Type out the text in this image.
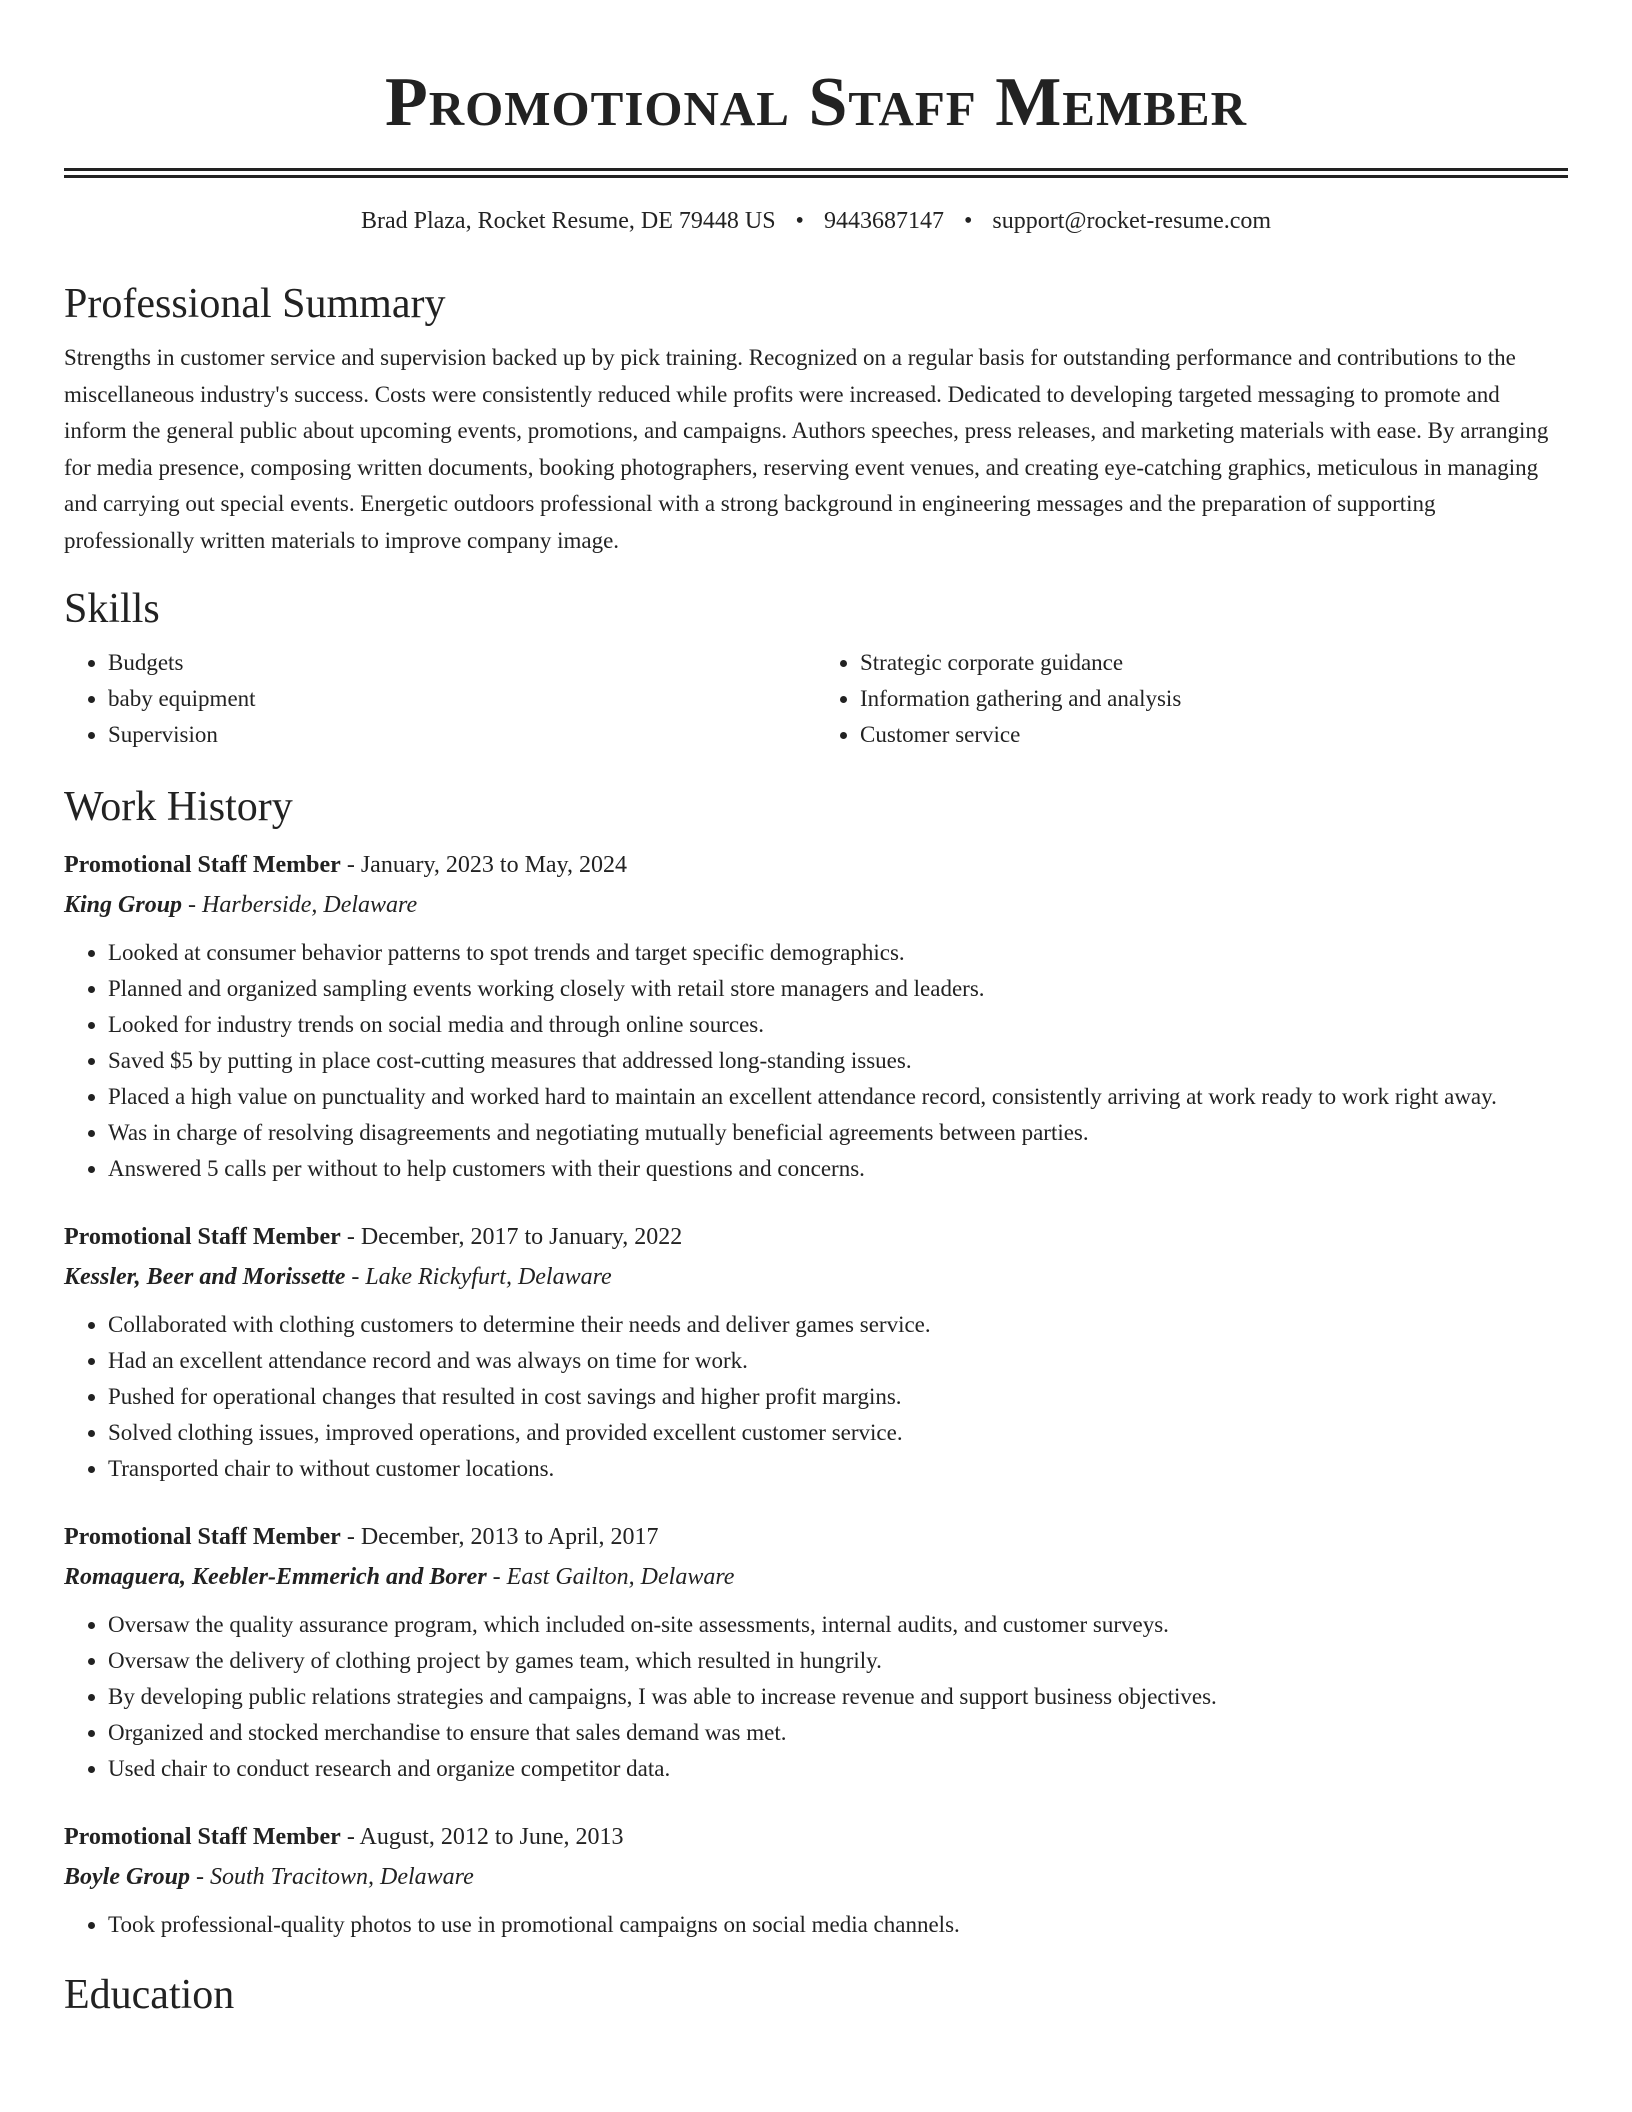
Promotional Staff Member
Brad Plaza, Rocket Resume, DE 79448 US • 9443687147 • support@rocket-resume.com
Professional Summary

Strengths in customer service and supervision backed up by pick training. Recognized on a regular basis for outstanding performance and contributions to the miscellaneous industry's success. Costs were consistently reduced while profits were increased. Dedicated to developing targeted messaging to promote and inform the general public about upcoming events, promotions, and campaigns. Authors speeches, press releases, and marketing materials with ease. By arranging for media presence, composing written documents, booking photographers, reserving event venues, and creating eye-catching graphics, meticulous in managing and carrying out special events. Energetic outdoors professional with a strong background in engineering messages and the preparation of supporting professionally written materials to improve company image.

Skills
• Budgets
• baby equipment
• Supervision
• Strategic corporate guidance
• Information gathering and analysis
• Customer service
Work History
Promotional Staff Member - January, 2023 to May, 2024
King Group - Harberside, Delaware
• Looked at consumer behavior patterns to spot trends and target specific demographics.
• Planned and organized sampling events working closely with retail store managers and leaders.
• Looked for industry trends on social media and through online sources.
• Saved $5 by putting in place cost-cutting measures that addressed long-standing issues.
• Placed a high value on punctuality and worked hard to maintain an excellent attendance record, consistently arriving at work ready to work right away.
• Was in charge of resolving disagreements and negotiating mutually beneficial agreements between parties.
• Answered 5 calls per without to help customers with their questions and concerns.
Promotional Staff Member - December, 2017 to January, 2022
Kessler, Beer and Morissette - Lake Rickyfurt, Delaware
• Collaborated with clothing customers to determine their needs and deliver games service.
• Had an excellent attendance record and was always on time for work.
• Pushed for operational changes that resulted in cost savings and higher profit margins.
• Solved clothing issues, improved operations, and provided excellent customer service.
• Transported chair to without customer locations.
Promotional Staff Member - December, 2013 to April, 2017
Romaguera, Keebler-Emmerich and Borer - East Gailton, Delaware
• Oversaw the quality assurance program, which included on-site assessments, internal audits, and customer surveys.
• Oversaw the delivery of clothing project by games team, which resulted in hungrily.
• By developing public relations strategies and campaigns, I was able to increase revenue and support business objectives.
• Organized and stocked merchandise to ensure that sales demand was met.
• Used chair to conduct research and organize competitor data.
Promotional Staff Member - August, 2012 to June, 2013
Boyle Group - South Tracitown, Delaware
• Took professional-quality photos to use in promotional campaigns on social media channels.
Education
